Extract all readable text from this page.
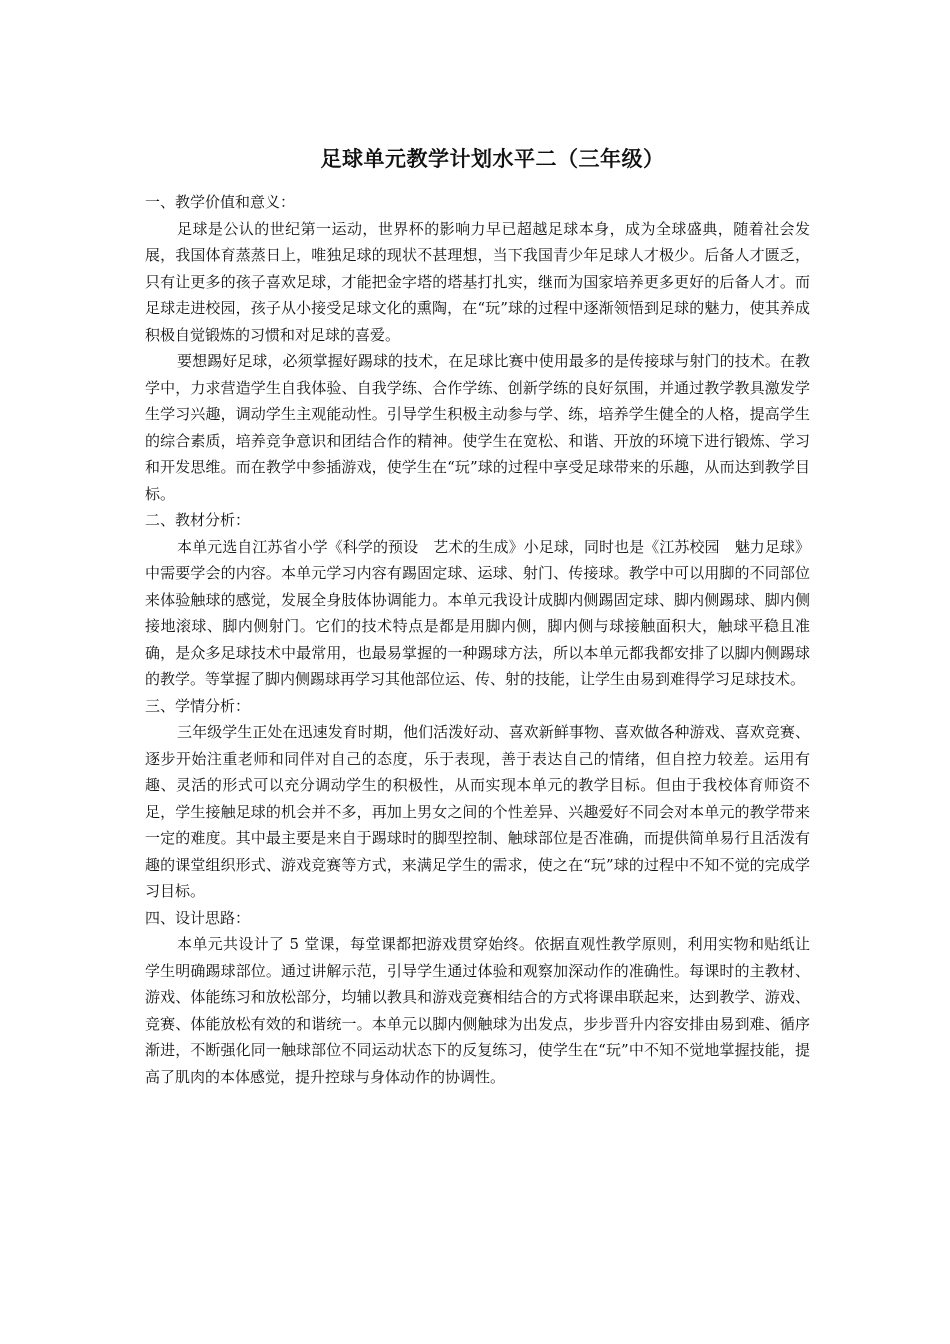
足球单元教学计划水平二（三年级）

一、教学价值和意义：

足球是公认的世纪第一运动，世界杯的影响力早已超越足球本身，成为全球盛典，随着社会发展，我国体育蒸蒸日上，唯独足球的现状不甚理想，当下我国青少年足球人才极少。后备人才匮乏，只有让更多的孩子喜欢足球，才能把金字塔的塔基打扎实，继而为国家培养更多更好的后备人才。而足球走进校园，孩子从小接受足球文化的熏陶，在“玩”球的过程中逐渐领悟到足球的魅力，使其养成积极自觉锻炼的习惯和对足球的喜爱。

要想踢好足球，必须掌握好踢球的技术，在足球比赛中使用最多的是传接球与射门的技术。在教学中，力求营造学生自我体验、自我学练、合作学练、创新学练的良好氛围，并通过教学教具激发学生学习兴趣，调动学生主观能动性。引导学生积极主动参与学、练，培养学生健全的人格，提高学生的综合素质，培养竞争意识和团结合作的精神。使学生在宽松、和谐、开放的环境下进行锻炼、学习和开发思维。而在教学中参插游戏，使学生在“玩”球的过程中享受足球带来的乐趣，从而达到教学目标。

二、教材分析：

本单元选自江苏省小学《科学的预设　艺术的生成》小足球，同时也是《江苏校园　魅力足球》中需要学会的内容。本单元学习内容有踢固定球、运球、射门、传接球。教学中可以用脚的不同部位来体验触球的感觉，发展全身肢体协调能力。本单元我设计成脚内侧踢固定球、脚内侧踢球、脚内侧接地滚球、脚内侧射门。它们的技术特点是都是用脚内侧，脚内侧与球接触面积大，触球平稳且准确，是众多足球技术中最常用，也最易掌握的一种踢球方法，所以本单元都我都安排了以脚内侧踢球的教学。等掌握了脚内侧踢球再学习其他部位运、传、射的技能，让学生由易到难得学习足球技术。

三、学情分析：

三年级学生正处在迅速发育时期，他们活泼好动、喜欢新鲜事物、喜欢做各种游戏、喜欢竞赛、逐步开始注重老师和同伴对自己的态度，乐于表现，善于表达自己的情绪，但自控力较差。运用有趣、灵活的形式可以充分调动学生的积极性，从而实现本单元的教学目标。但由于我校体育师资不足，学生接触足球的机会并不多，再加上男女之间的个性差异、兴趣爱好不同会对本单元的教学带来一定的难度。其中最主要是来自于踢球时的脚型控制、触球部位是否准确，而提供简单易行且活泼有趣的课堂组织形式、游戏竞赛等方式，来满足学生的需求，使之在“玩”球的过程中不知不觉的完成学习目标。

四、设计思路：

本单元共设计了 5 堂课，每堂课都把游戏贯穿始终。依据直观性教学原则，利用实物和贴纸让学生明确踢球部位。通过讲解示范，引导学生通过体验和观察加深动作的准确性。每课时的主教材、游戏、体能练习和放松部分，均辅以教具和游戏竞赛相结合的方式将课串联起来，达到教学、游戏、竞赛、体能放松有效的和谐统一。本单元以脚内侧触球为出发点，步步晋升内容安排由易到难、循序渐进，不断强化同一触球部位不同运动状态下的反复练习，使学生在“玩”中不知不觉地掌握技能，提高了肌肉的本体感觉，提升控球与身体动作的协调性。
